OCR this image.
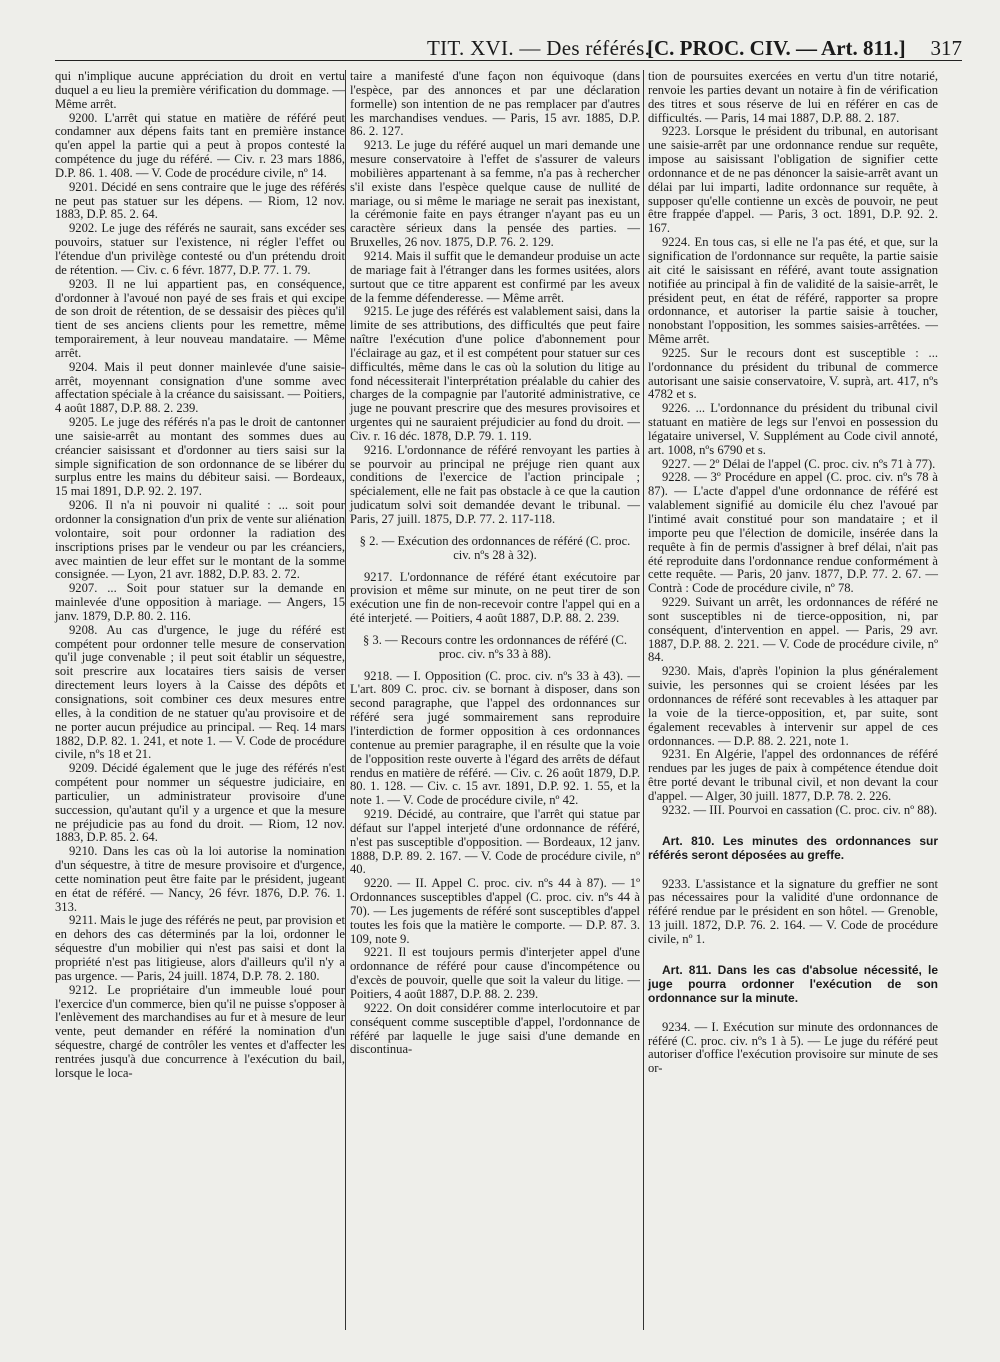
TIT. XVI. — Des référés.
[C. PROC. CIV. — Art. 811.] 317

qui n'implique aucune appréciation du droit en vertu duquel a eu lieu la première vérification du dommage. — Même arrêt.

9200. L'arrêt qui statue en matière de référé peut condamner aux dépens faits tant en première instance qu'en appel la partie qui a peut à propos contesté la compétence du juge du référé. — Civ. r. 23 mars 1886, D.P. 86. 1. 408. — V. Code de procédure civile, nº 14.

9201. Décidé en sens contraire que le juge des référés ne peut pas statuer sur les dépens. — Riom, 12 nov. 1883, D.P. 85. 2. 64.

9202. Le juge des référés ne saurait, sans excéder ses pouvoirs, statuer sur l'existence, ni régler l'effet ou l'étendue d'un privilège contesté ou d'un prétendu droit de rétention. — Civ. c. 6 févr. 1877, D.P. 77. 1. 79.

9203. Il ne lui appartient pas, en conséquence, d'ordonner à l'avoué non payé de ses frais et qui excipe de son droit de rétention, de se dessaisir des pièces qu'il tient de ses anciens clients pour les remettre, même temporairement, à leur nouveau mandataire. — Même arrêt.

9204. Mais il peut donner mainlevée d'une saisie-arrêt, moyennant consignation d'une somme avec affectation spéciale à la créance du saisissant. — Poitiers, 4 août 1887, D.P. 88. 2. 239.

9205. Le juge des référés n'a pas le droit de cantonner une saisie-arrêt au montant des sommes dues au créancier saisissant et d'ordonner au tiers saisi sur la simple signification de son ordonnance de se libérer du surplus entre les mains du débiteur saisi. — Bordeaux, 15 mai 1891, D.P. 92. 2. 197.

9206. Il n'a ni pouvoir ni qualité : ... soit pour ordonner la consignation d'un prix de vente sur aliénation volontaire, soit pour ordonner la radiation des inscriptions prises par le vendeur ou par les créanciers, avec maintien de leur effet sur le montant de la somme consignée. — Lyon, 21 avr. 1882, D.P. 83. 2. 72.

9207. ... Soit pour statuer sur la demande en mainlevée d'une opposition à mariage. — Angers, 15 janv. 1879, D.P. 80. 2. 116.

9208. Au cas d'urgence, le juge du référé est compétent pour ordonner telle mesure de conservation qu'il juge convenable ; il peut soit établir un séquestre, soit prescrire aux locataires tiers saisis de verser directement leurs loyers à la Caisse des dépôts et consignations, soit combiner ces deux mesures entre elles, à la condition de ne statuer qu'au provisoire et de ne porter aucun préjudice au principal. — Req. 14 mars 1882, D.P. 82. 1. 241, et note 1. — V. Code de procédure civile, nºs 18 et 21.

9209. Décidé également que le juge des référés n'est compétent pour nommer un séquestre judiciaire, en particulier, un administrateur provisoire d'une succession, qu'autant qu'il y a urgence et que la mesure ne préjudicie pas au fond du droit. — Riom, 12 nov. 1883, D.P. 85. 2. 64.

9210. Dans les cas où la loi autorise la nomination d'un séquestre, à titre de mesure provisoire et d'urgence, cette nomination peut être faite par le président, jugeant en état de référé. — Nancy, 26 févr. 1876, D.P. 76. 1. 313.

9211. Mais le juge des référés ne peut, par provision et en dehors des cas déterminés par la loi, ordonner le séquestre d'un mobilier qui n'est pas saisi et dont la propriété n'est pas litigieuse, alors d'ailleurs qu'il n'y a pas urgence. — Paris, 24 juill. 1874, D.P. 78. 2. 180.

9212. Le propriétaire d'un immeuble loué pour l'exercice d'un commerce, bien qu'il ne puisse s'opposer à l'enlèvement des marchandises au fur et à mesure de leur vente, peut demander en référé la nomination d'un séquestre, chargé de contrôler les ventes et d'affecter les rentrées jusqu'à due concurrence à l'exécution du bail, lorsque le loca-

taire a manifesté d'une façon non équivoque (dans l'espèce, par des annonces et par une déclaration formelle) son intention de ne pas remplacer par d'autres les marchandises vendues. — Paris, 15 avr. 1885, D.P. 86. 2. 127.

9213. Le juge du référé auquel un mari demande une mesure conservatoire à l'effet de s'assurer de valeurs mobilières appartenant à sa femme, n'a pas à rechercher s'il existe dans l'espèce quelque cause de nullité de mariage, ou si même le mariage ne serait pas inexistant, la cérémonie faite en pays étranger n'ayant pas eu un caractère sérieux dans la pensée des parties. — Bruxelles, 26 nov. 1875, D.P. 76. 2. 129.

9214. Mais il suffit que le demandeur produise un acte de mariage fait à l'étranger dans les formes usitées, alors surtout que ce titre apparent est confirmé par les aveux de la femme défenderesse. — Même arrêt.

9215. Le juge des référés est valablement saisi, dans la limite de ses attributions, des difficultés que peut faire naître l'exécution d'une police d'abonnement pour l'éclairage au gaz, et il est compétent pour statuer sur ces difficultés, même dans le cas où la solution du litige au fond nécessiterait l'interprétation préalable du cahier des charges de la compagnie par l'autorité administrative, ce juge ne pouvant prescrire que des mesures provisoires et urgentes qui ne sauraient préjudicier au fond du droit. — Civ. r. 16 déc. 1878, D.P. 79. 1. 119.

9216. L'ordonnance de référé renvoyant les parties à se pourvoir au principal ne préjuge rien quant aux conditions de l'exercice de l'action principale ; spécialement, elle ne fait pas obstacle à ce que la caution judicatum solvi soit demandée devant le tribunal. — Paris, 27 juill. 1875, D.P. 77. 2. 117-118.

§ 2. — Exécution des ordonnances de référé (C. proc. civ. nºs 28 à 32).

9217. L'ordonnance de référé étant exécutoire par provision et même sur minute, on ne peut tirer de son exécution une fin de non-recevoir contre l'appel qui en a été interjeté. — Poitiers, 4 août 1887, D.P. 88. 2. 239.

§ 3. — Recours contre les ordonnances de référé (C. proc. civ. nºs 33 à 88).

9218. — I. Opposition (C. proc. civ. nºs 33 à 43). — L'art. 809 C. proc. civ. se bornant à disposer, dans son second paragraphe, que l'appel des ordonnances sur référé sera jugé sommairement sans reproduire l'interdiction de former opposition à ces ordonnances contenue au premier paragraphe, il en résulte que la voie de l'opposition reste ouverte à l'égard des arrêts de défaut rendus en matière de référé. — Civ. c. 26 août 1879, D.P. 80. 1. 128. — Civ. c. 15 avr. 1891, D.P. 92. 1. 55, et la note 1. — V. Code de procédure civile, nº 42.

9219. Décidé, au contraire, que l'arrêt qui statue par défaut sur l'appel interjeté d'une ordonnance de référé, n'est pas susceptible d'opposition. — Bordeaux, 12 janv. 1888, D.P. 89. 2. 167. — V. Code de procédure civile, nº 40.

9220. — II. Appel C. proc. civ. nºs 44 à 87). — 1º Ordonnances susceptibles d'appel (C. proc. civ. nºs 44 à 70). — Les jugements de référé sont susceptibles d'appel toutes les fois que la matière le comporte. — D.P. 87. 3. 109, note 9.

9221. Il est toujours permis d'interjeter appel d'une ordonnance de référé pour cause d'incompétence ou d'excès de pouvoir, quelle que soit la valeur du litige. — Poitiers, 4 août 1887, D.P. 88. 2. 239.

9222. On doit considérer comme interlocutoire et par conséquent comme susceptible d'appel, l'ordonnance de référé par laquelle le juge saisi d'une demande en discontinua-

tion de poursuites exercées en vertu d'un titre notarié, renvoie les parties devant un notaire à fin de vérification des titres et sous réserve de lui en référer en cas de difficultés. — Paris, 14 mai 1887, D.P. 88. 2. 187.

9223. Lorsque le président du tribunal, en autorisant une saisie-arrêt par une ordonnance rendue sur requête, impose au saisissant l'obligation de signifier cette ordonnance et de ne pas dénoncer la saisie-arrêt avant un délai par lui imparti, ladite ordonnance sur requête, à supposer qu'elle contienne un excès de pouvoir, ne peut être frappée d'appel. — Paris, 3 oct. 1891, D.P. 92. 2. 167.

9224. En tous cas, si elle ne l'a pas été, et que, sur la signification de l'ordonnance sur requête, la partie saisie ait cité le saisissant en référé, avant toute assignation notifiée au principal à fin de validité de la saisie-arrêt, le président peut, en état de référé, rapporter sa propre ordonnance, et autoriser la partie saisie à toucher, nonobstant l'opposition, les sommes saisies-arrêtées. — Même arrêt.

9225. Sur le recours dont est susceptible : ... l'ordonnance du président du tribunal de commerce autorisant une saisie conservatoire, V. suprà, art. 417, nºs 4782 et s.

9226. ... L'ordonnance du président du tribunal civil statuant en matière de legs sur l'envoi en possession du légataire universel, V. Supplément au Code civil annoté, art. 1008, nºs 6790 et s.

9227. — 2º Délai de l'appel (C. proc. civ. nºs 71 à 77).

9228. — 3º Procédure en appel (C. proc. civ. nºs 78 à 87). — L'acte d'appel d'une ordonnance de référé est valablement signifié au domicile élu chez l'avoué par l'intimé avait constitué pour son mandataire ; et il importe peu que l'élection de domicile, insérée dans la requête à fin de permis d'assigner à bref délai, n'ait pas été reproduite dans l'ordonnance rendue conformément à cette requête. — Paris, 20 janv. 1877, D.P. 77. 2. 67. — Contrà : Code de procédure civile, nº 78.

9229. Suivant un arrêt, les ordonnances de référé ne sont susceptibles ni de tierce-opposition, ni, par conséquent, d'intervention en appel. — Paris, 29 avr. 1887, D.P. 88. 2. 221. — V. Code de procédure civile, nº 84.

9230. Mais, d'après l'opinion la plus généralement suivie, les personnes qui se croient lésées par les ordonnances de référé sont recevables à les attaquer par la voie de la tierce-opposition, et, par suite, sont également recevables à intervenir sur appel de ces ordonnances. — D.P. 88. 2. 221, note 1.

9231. En Algérie, l'appel des ordonnances de référé rendues par les juges de paix à compétence étendue doit être porté devant le tribunal civil, et non devant la cour d'appel. — Alger, 30 juill. 1877, D.P. 78. 2. 226.

9232. — III. Pourvoi en cassation (C. proc. civ. nº 88).

Art. 810. Les minutes des ordonnances sur référés seront déposées au greffe.

9233. L'assistance et la signature du greffier ne sont pas nécessaires pour la validité d'une ordonnance de référé rendue par le président en son hôtel. — Grenoble, 13 juill. 1872, D.P. 76. 2. 164. — V. Code de procédure civile, nº 1.

Art. 811. Dans les cas d'absolue nécessité, le juge pourra ordonner l'exécution de son ordonnance sur la minute.

9234. — I. Exécution sur minute des ordonnances de référé (C. proc. civ. nºs 1 à 5). — Le juge du référé peut autoriser d'office l'exécution provisoire sur minute de ses or-
